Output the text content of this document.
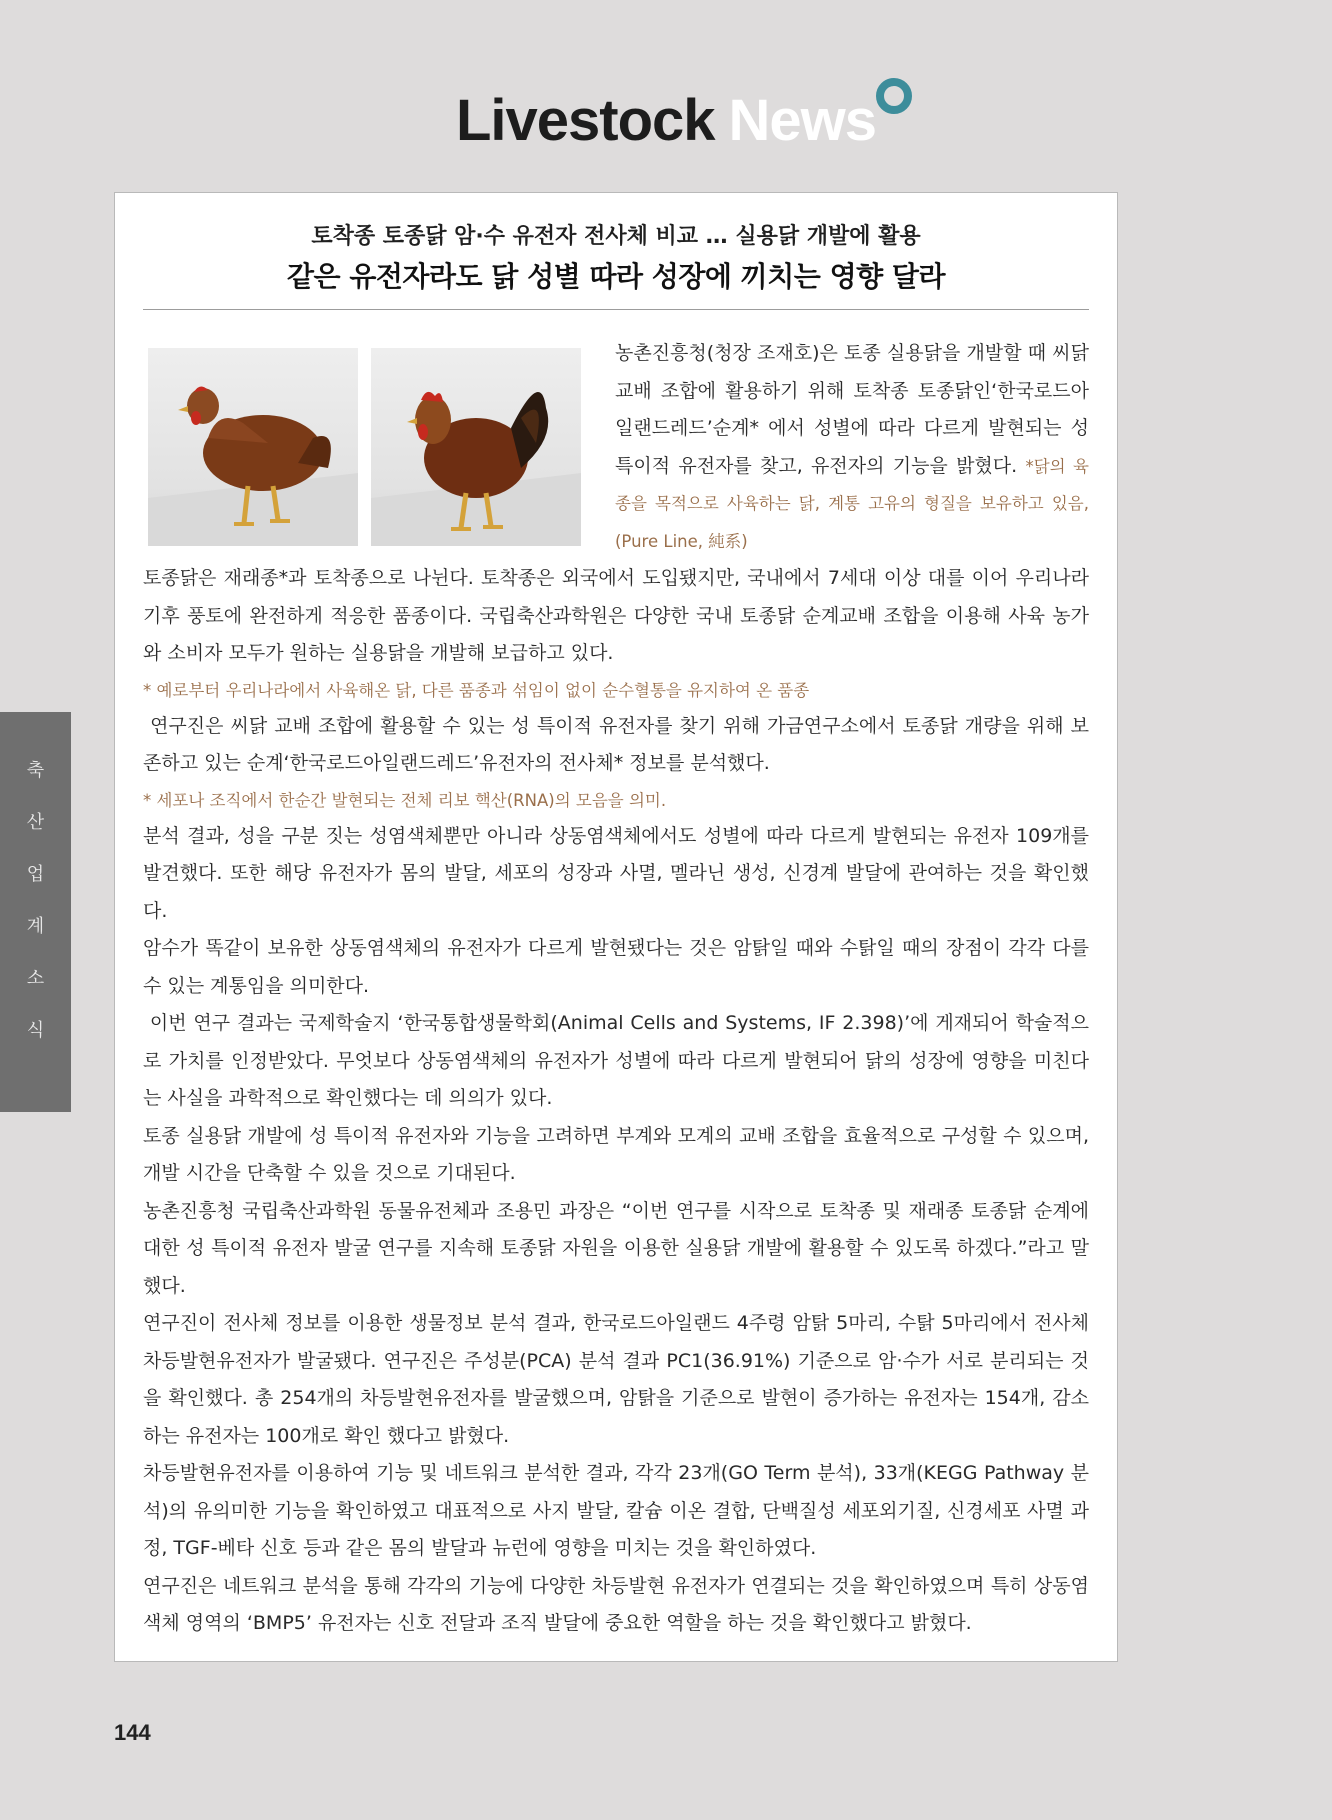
Livestock News
축
산
업
계
소
식
토착종 토종닭 암·수 유전자 전사체 비교 … 실용닭 개발에 활용
같은 유전자라도 닭 성별 따라 성장에 끼치는 영향 달라
농촌진흥청(청장 조재호)은 토종 실용닭을 개발할 때 씨닭 교배 조합에 활용하기 위해 토착종 토종닭인‘한국로드아일랜드레드’순계* 에서 성별에 따라 다르게 발현되는 성 특이적 유전자를 찾고, 유전자의 기능을 밝혔다. *닭의 육종을 목적으로 사육하는 닭, 계통 고유의 형질을 보유하고 있음, (Pure Line, 純系)

토종닭은 재래종*과 토착종으로 나뉜다. 토착종은 외국에서 도입됐지만, 국내에서 7세대 이상 대를 이어 우리나라 기후 풍토에 완전하게 적응한 품종이다. 국립축산과학원은 다양한 국내 토종닭 순계교배 조합을 이용해 사육 농가와 소비자 모두가 원하는 실용닭을 개발해 보급하고 있다.

* 예로부터 우리나라에서 사육해온 닭, 다른 품종과 섞임이 없이 순수혈통을 유지하여 온 품종

연구진은 씨닭 교배 조합에 활용할 수 있는 성 특이적 유전자를 찾기 위해 가금연구소에서 토종닭 개량을 위해 보존하고 있는 순계‘한국로드아일랜드레드’유전자의 전사체* 정보를 분석했다.

* 세포나 조직에서 한순간 발현되는 전체 리보 핵산(RNA)의 모음을 의미.

분석 결과, 성을 구분 짓는 성염색체뿐만 아니라 상동염색체에서도 성별에 따라 다르게 발현되는 유전자 109개를 발견했다. 또한 해당 유전자가 몸의 발달, 세포의 성장과 사멸, 멜라닌 생성, 신경계 발달에 관여하는 것을 확인했다.

암수가 똑같이 보유한 상동염색체의 유전자가 다르게 발현됐다는 것은 암탉일 때와 수탉일 때의 장점이 각각 다를 수 있는 계통임을 의미한다.

이번 연구 결과는 국제학술지 ‘한국통합생물학회(Animal Cells and Systems, IF 2.398)’에 게재되어 학술적으로 가치를 인정받았다. 무엇보다 상동염색체의 유전자가 성별에 따라 다르게 발현되어 닭의 성장에 영향을 미친다는 사실을 과학적으로 확인했다는 데 의의가 있다.

토종 실용닭 개발에 성 특이적 유전자와 기능을 고려하면 부계와 모계의 교배 조합을 효율적으로 구성할 수 있으며, 개발 시간을 단축할 수 있을 것으로 기대된다.

농촌진흥청 국립축산과학원 동물유전체과 조용민 과장은 “이번 연구를 시작으로 토착종 및 재래종 토종닭 순계에 대한 성 특이적 유전자 발굴 연구를 지속해 토종닭 자원을 이용한 실용닭 개발에 활용할 수 있도록 하겠다.”라고 말했다.

연구진이 전사체 정보를 이용한 생물정보 분석 결과, 한국로드아일랜드 4주령 암탉 5마리, 수탉 5마리에서 전사체 차등발현유전자가 발굴됐다. 연구진은 주성분(PCA) 분석 결과 PC1(36.91%) 기준으로 암·수가 서로 분리되는 것을 확인했다. 총 254개의 차등발현유전자를 발굴했으며, 암탉을 기준으로 발현이 증가하는 유전자는 154개, 감소하는 유전자는 100개로 확인 했다고 밝혔다.

차등발현유전자를 이용하여 기능 및 네트워크 분석한 결과, 각각 23개(GO Term 분석), 33개(KEGG Pathway 분석)의 유의미한 기능을 확인하였고 대표적으로 사지 발달, 칼슘 이온 결합, 단백질성 세포외기질, 신경세포 사멸 과정, TGF-베타 신호 등과 같은 몸의 발달과 뉴런에 영향을 미치는 것을 확인하였다.

연구진은 네트워크 분석을 통해 각각의 기능에 다양한 차등발현 유전자가 연결되는 것을 확인하였으며 특히 상동염색체 영역의 ‘BMP5’ 유전자는 신호 전달과 조직 발달에 중요한 역할을 하는 것을 확인했다고 밝혔다.

144
